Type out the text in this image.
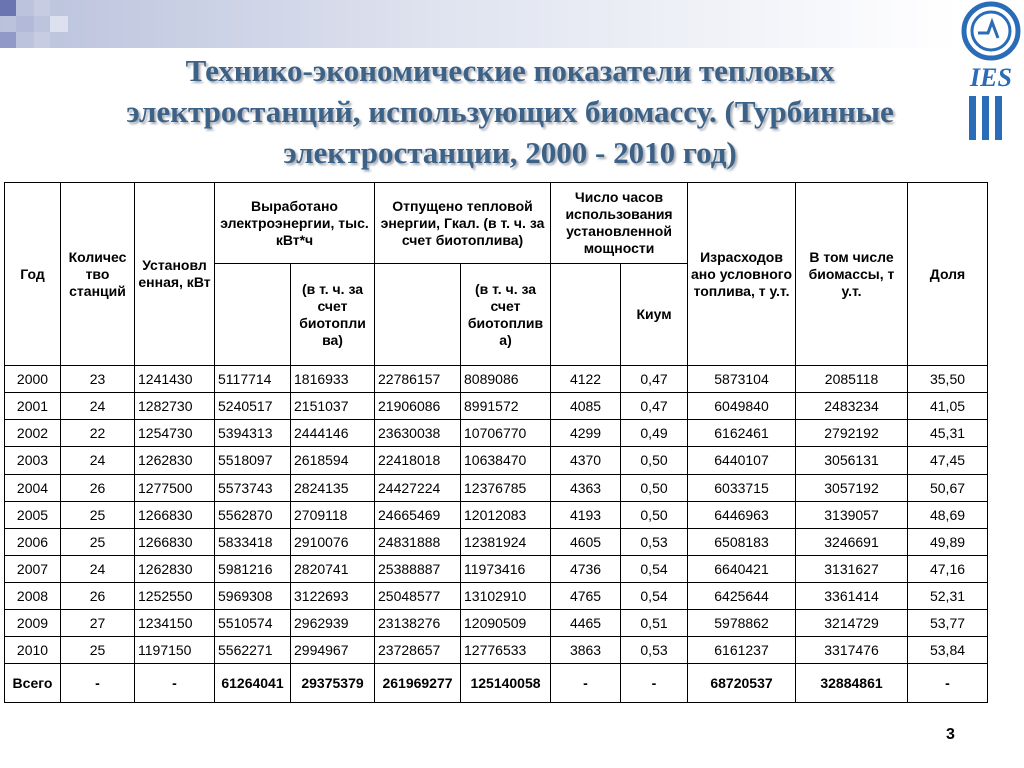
Технико-экономические показатели тепловых электростанций, использующих биомассу. (Турбинные электростанции, 2000 - 2010 год)
IES
Год	Количес тво станций	Установл енная, кВт	Выработано электроэнергии, тыс. кВт*ч		Отпущено тепловой энергии, Гкал. (в т. ч. за счет биотоплива)		Число часов использования установленной мощности		Израсходов ано условного топлива, т у.т.	В том числе биомассы, т у.т.	Доля
				(в т. ч. за счет биотопли ва)		(в т. ч. за счет биотоплив а)		Киум			
2000	23	1241430	5117714	1816933	22786157	8089086	4122	0,47	5873104	2085118	35,50
2001	24	1282730	5240517	2151037	21906086	8991572	4085	0,47	6049840	2483234	41,05
2002	22	1254730	5394313	2444146	23630038	10706770	4299	0,49	6162461	2792192	45,31
2003	24	1262830	5518097	2618594	22418018	10638470	4370	0,50	6440107	3056131	47,45
2004	26	1277500	5573743	2824135	24427224	12376785	4363	0,50	6033715	3057192	50,67
2005	25	1266830	5562870	2709118	24665469	12012083	4193	0,50	6446963	3139057	48,69
2006	25	1266830	5833418	2910076	24831888	12381924	4605	0,53	6508183	3246691	49,89
2007	24	1262830	5981216	2820741	25388887	11973416	4736	0,54	6640421	3131627	47,16
2008	26	1252550	5969308	3122693	25048577	13102910	4765	0,54	6425644	3361414	52,31
2009	27	1234150	5510574	2962939	23138276	12090509	4465	0,51	5978862	3214729	53,77
2010	25	1197150	5562271	2994967	23728657	12776533	3863	0,53	6161237	3317476	53,84
Всего	-	-	61264041	29375379	261969277	125140058	-	-	68720537	32884861	-
3
